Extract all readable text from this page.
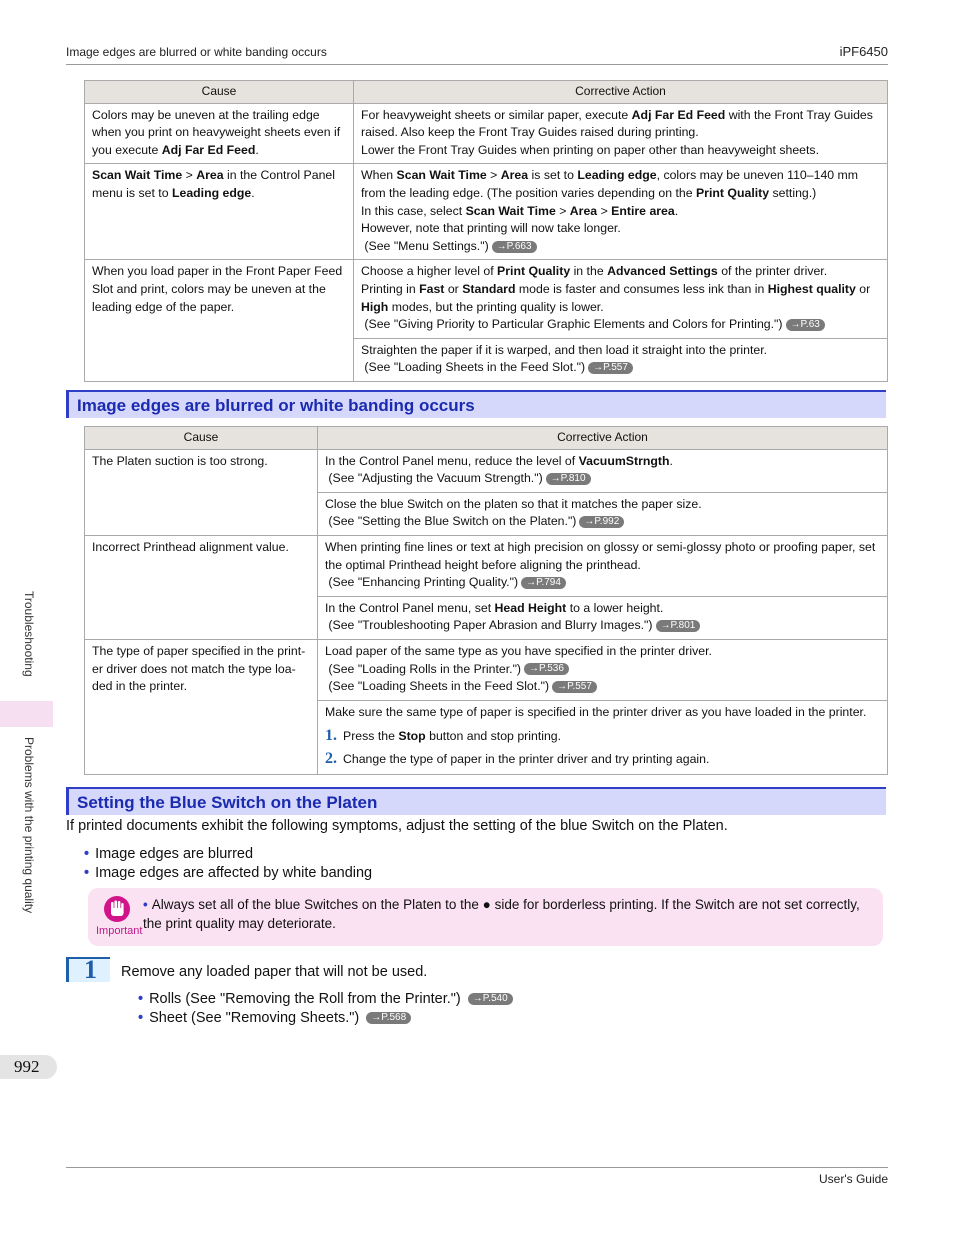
Image edges are blurred or white banding occurs	iPF6450
Cause	Corrective Action
Colors may be uneven at the trailing edge when you print on heavyweight sheets even if you execute Adj Far Ed Feed.	For heavyweight sheets or similar paper, execute Adj Far Ed Feed with the Front Tray Guides raised. Also keep the Front Tray Guides raised during printing.
Lower the Front Tray Guides when printing on paper other than heavyweight sheets.
Scan Wait Time > Area in the Control Panel menu is set to Leading edge.	When Scan Wait Time > Area is set to Leading edge, colors may be uneven 110–140 mm from the leading edge. (The position varies depending on the Print Quality setting.)
In this case, select Scan Wait Time > Area > Entire area.
However, note that printing will now take longer.
(See "Menu Settings.") →P.663
When you load paper in the Front Paper Feed Slot and print, colors may be uneven at the leading edge of the paper.	Choose a higher level of Print Quality in the Advanced Settings of the printer driver.
Printing in Fast or Standard mode is faster and consumes less ink than in Highest quality or High modes, but the printing quality is lower.
(See "Giving Priority to Particular Graphic Elements and Colors for Printing.") →P.63
	Straighten the paper if it is warped, and then load it straight into the printer.
(See "Loading Sheets in the Feed Slot.") →P.557
Image edges are blurred or white banding occurs
Cause	Corrective Action
The Platen suction is too strong.	In the Control Panel menu, reduce the level of VacuumStrngth.
(See "Adjusting the Vacuum Strength.") →P.810
	Close the blue Switch on the platen so that it matches the paper size.
(See "Setting the Blue Switch on the Platen.") →P.992
Incorrect Printhead alignment value.	When printing fine lines or text at high precision on glossy or semi-glossy photo or proofing paper, set the optimal Printhead height before aligning the printhead.
(See "Enhancing Printing Quality.") →P.794
	In the Control Panel menu, set Head Height to a lower height.
(See "Troubleshooting Paper Abrasion and Blurry Images.") →P.801
The type of paper specified in the print-er driver does not match the type loa-ded in the printer.	Load paper of the same type as you have specified in the printer driver.
(See "Loading Rolls in the Printer.") →P.536
(See "Loading Sheets in the Feed Slot.") →P.557
	Make sure the same type of paper is specified in the printer driver as you have loaded in the printer.
1. Press the Stop button and stop printing.
2. Change the type of paper in the printer driver and try printing again.
Setting the Blue Switch on the Platen
If printed documents exhibit the following symptoms, adjust the setting of the blue Switch on the Platen.
• Image edges are blurred
• Image edges are affected by white banding
Important
• Always set all of the blue Switches on the Platen to the ● side for borderless printing. If the Switch are not set correctly, the print quality may deteriorate.
1 Remove any loaded paper that will not be used.
• Rolls (See "Removing the Roll from the Printer.") →P.540
• Sheet (See "Removing Sheets.") →P.568
Troubleshooting
Problems with the printing quality
992
User's Guide
